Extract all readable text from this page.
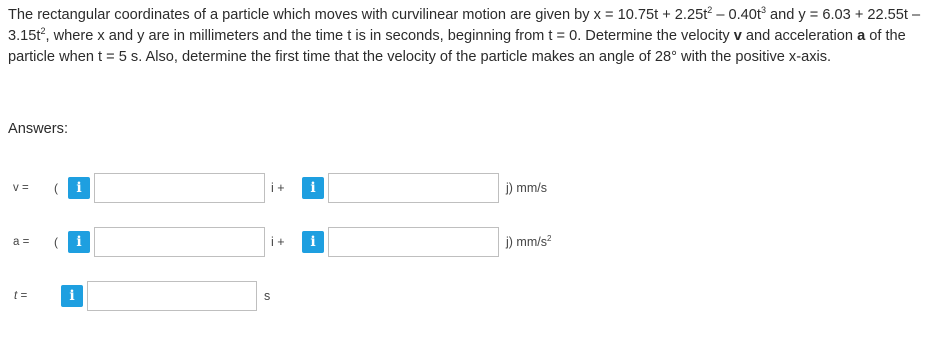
The rectangular coordinates of a particle which moves with curvilinear motion are given by $x = 10.75t + 2.25t^2 - 0.40t^3$ and $y = 6.03 + 22.55t - 3.15t^2$, where x and y are in millimeters and the time t is in seconds, beginning from t = 0. Determine the velocity v and acceleration a of the particle when t = 5 s. Also, determine the first time that the velocity of the particle makes an angle of 28° with the positive x-axis.
Answers:
v = (	i	i +	i	j) mm/s
a = (	i	i +	i	j) $mm/s^2$
t =	i	s
